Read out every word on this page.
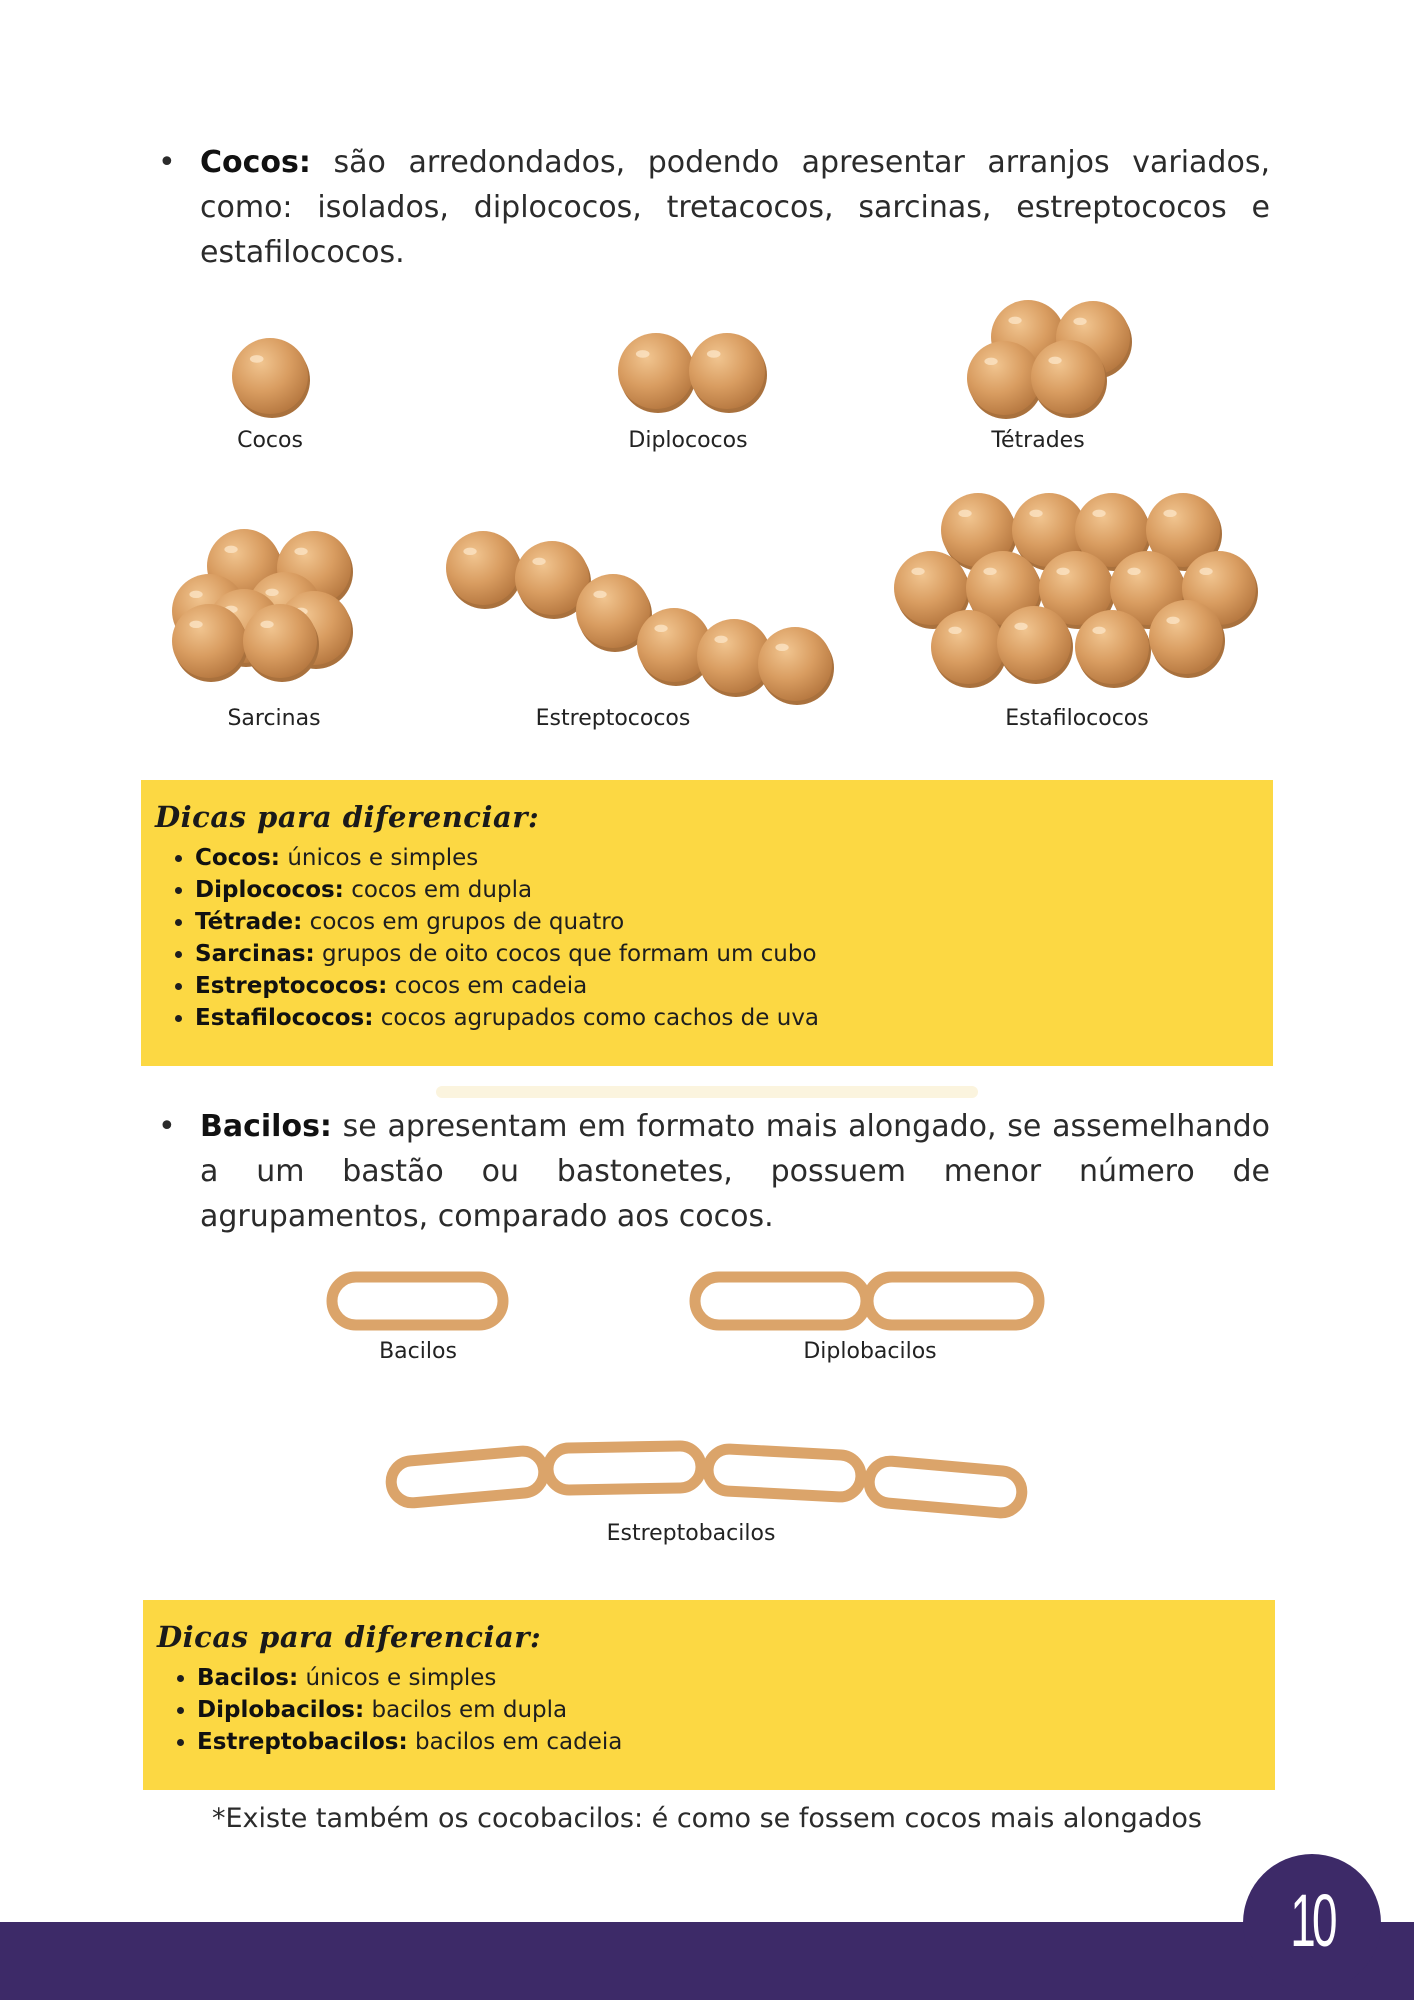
• Cocos: são arredondados, podendo apresentar arranjos variados, como: isolados, diplococos, tretacocos, sarcinas, estreptococos e estafilococos.
Cocos	Diplococos	Tétrades
Sarcinas	Estreptococos	Estafilococos
Dicas para diferenciar:
• Cocos: únicos e simples
• Diplococos: cocos em dupla
• Tétrade: cocos em grupos de quatro
• Sarcinas: grupos de oito cocos que formam um cubo
• Estreptococos: cocos em cadeia
• Estafilococos: cocos agrupados como cachos de uva
• Bacilos: se apresentam em formato mais alongado, se assemelhando a um bastão ou bastonetes, possuem menor número de agrupamentos, comparado aos cocos.
Bacilos	Diplobacilos
Estreptobacilos
Dicas para diferenciar:
• Bacilos: únicos e simples
• Diplobacilos: bacilos em dupla
• Estreptobacilos: bacilos em cadeia
*Existe também os cocobacilos: é como se fossem cocos mais alongados
10
